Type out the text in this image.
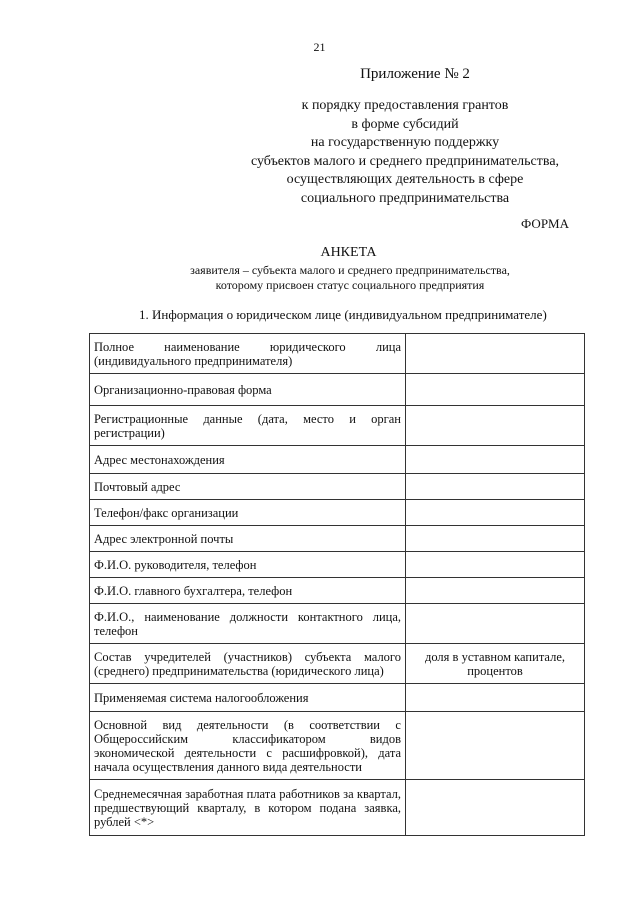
21
Приложение № 2
к порядку предоставления грантов
в форме субсидий
на государственную поддержку
субъектов малого и среднего предпринимательства,
осуществляющих деятельность в сфере
социального предпринимательства
ФОРМА
АНКЕТА
заявителя – субъекта малого и среднего предпринимательства,
которому присвоен статус социального предприятия
1. Информация о юридическом лице (индивидуальном предпринимателе)
Полное наименование юридического лица (индивидуального предпринимателя)	
Организационно-правовая форма	
Регистрационные данные (дата, место и орган регистрации)	
Адрес местонахождения	
Почтовый адрес	
Телефон/факс организации	
Адрес электронной почты	
Ф.И.О. руководителя, телефон	
Ф.И.О. главного бухгалтера, телефон	
Ф.И.О., наименование должности контактного лица, телефон	
Состав учредителей (участников) субъекта малого (среднего) предпринимательства (юридического лица)	доля в уставном капитале, процентов
Применяемая система налогообложения	
Основной вид деятельности (в соответствии с Общероссийским классификатором видов экономической деятельности с расшифровкой), дата начала осуществления данного вида деятельности	
Среднемесячная заработная плата работников за квартал, предшествующий кварталу, в котором подана заявка, рублей <*>	
